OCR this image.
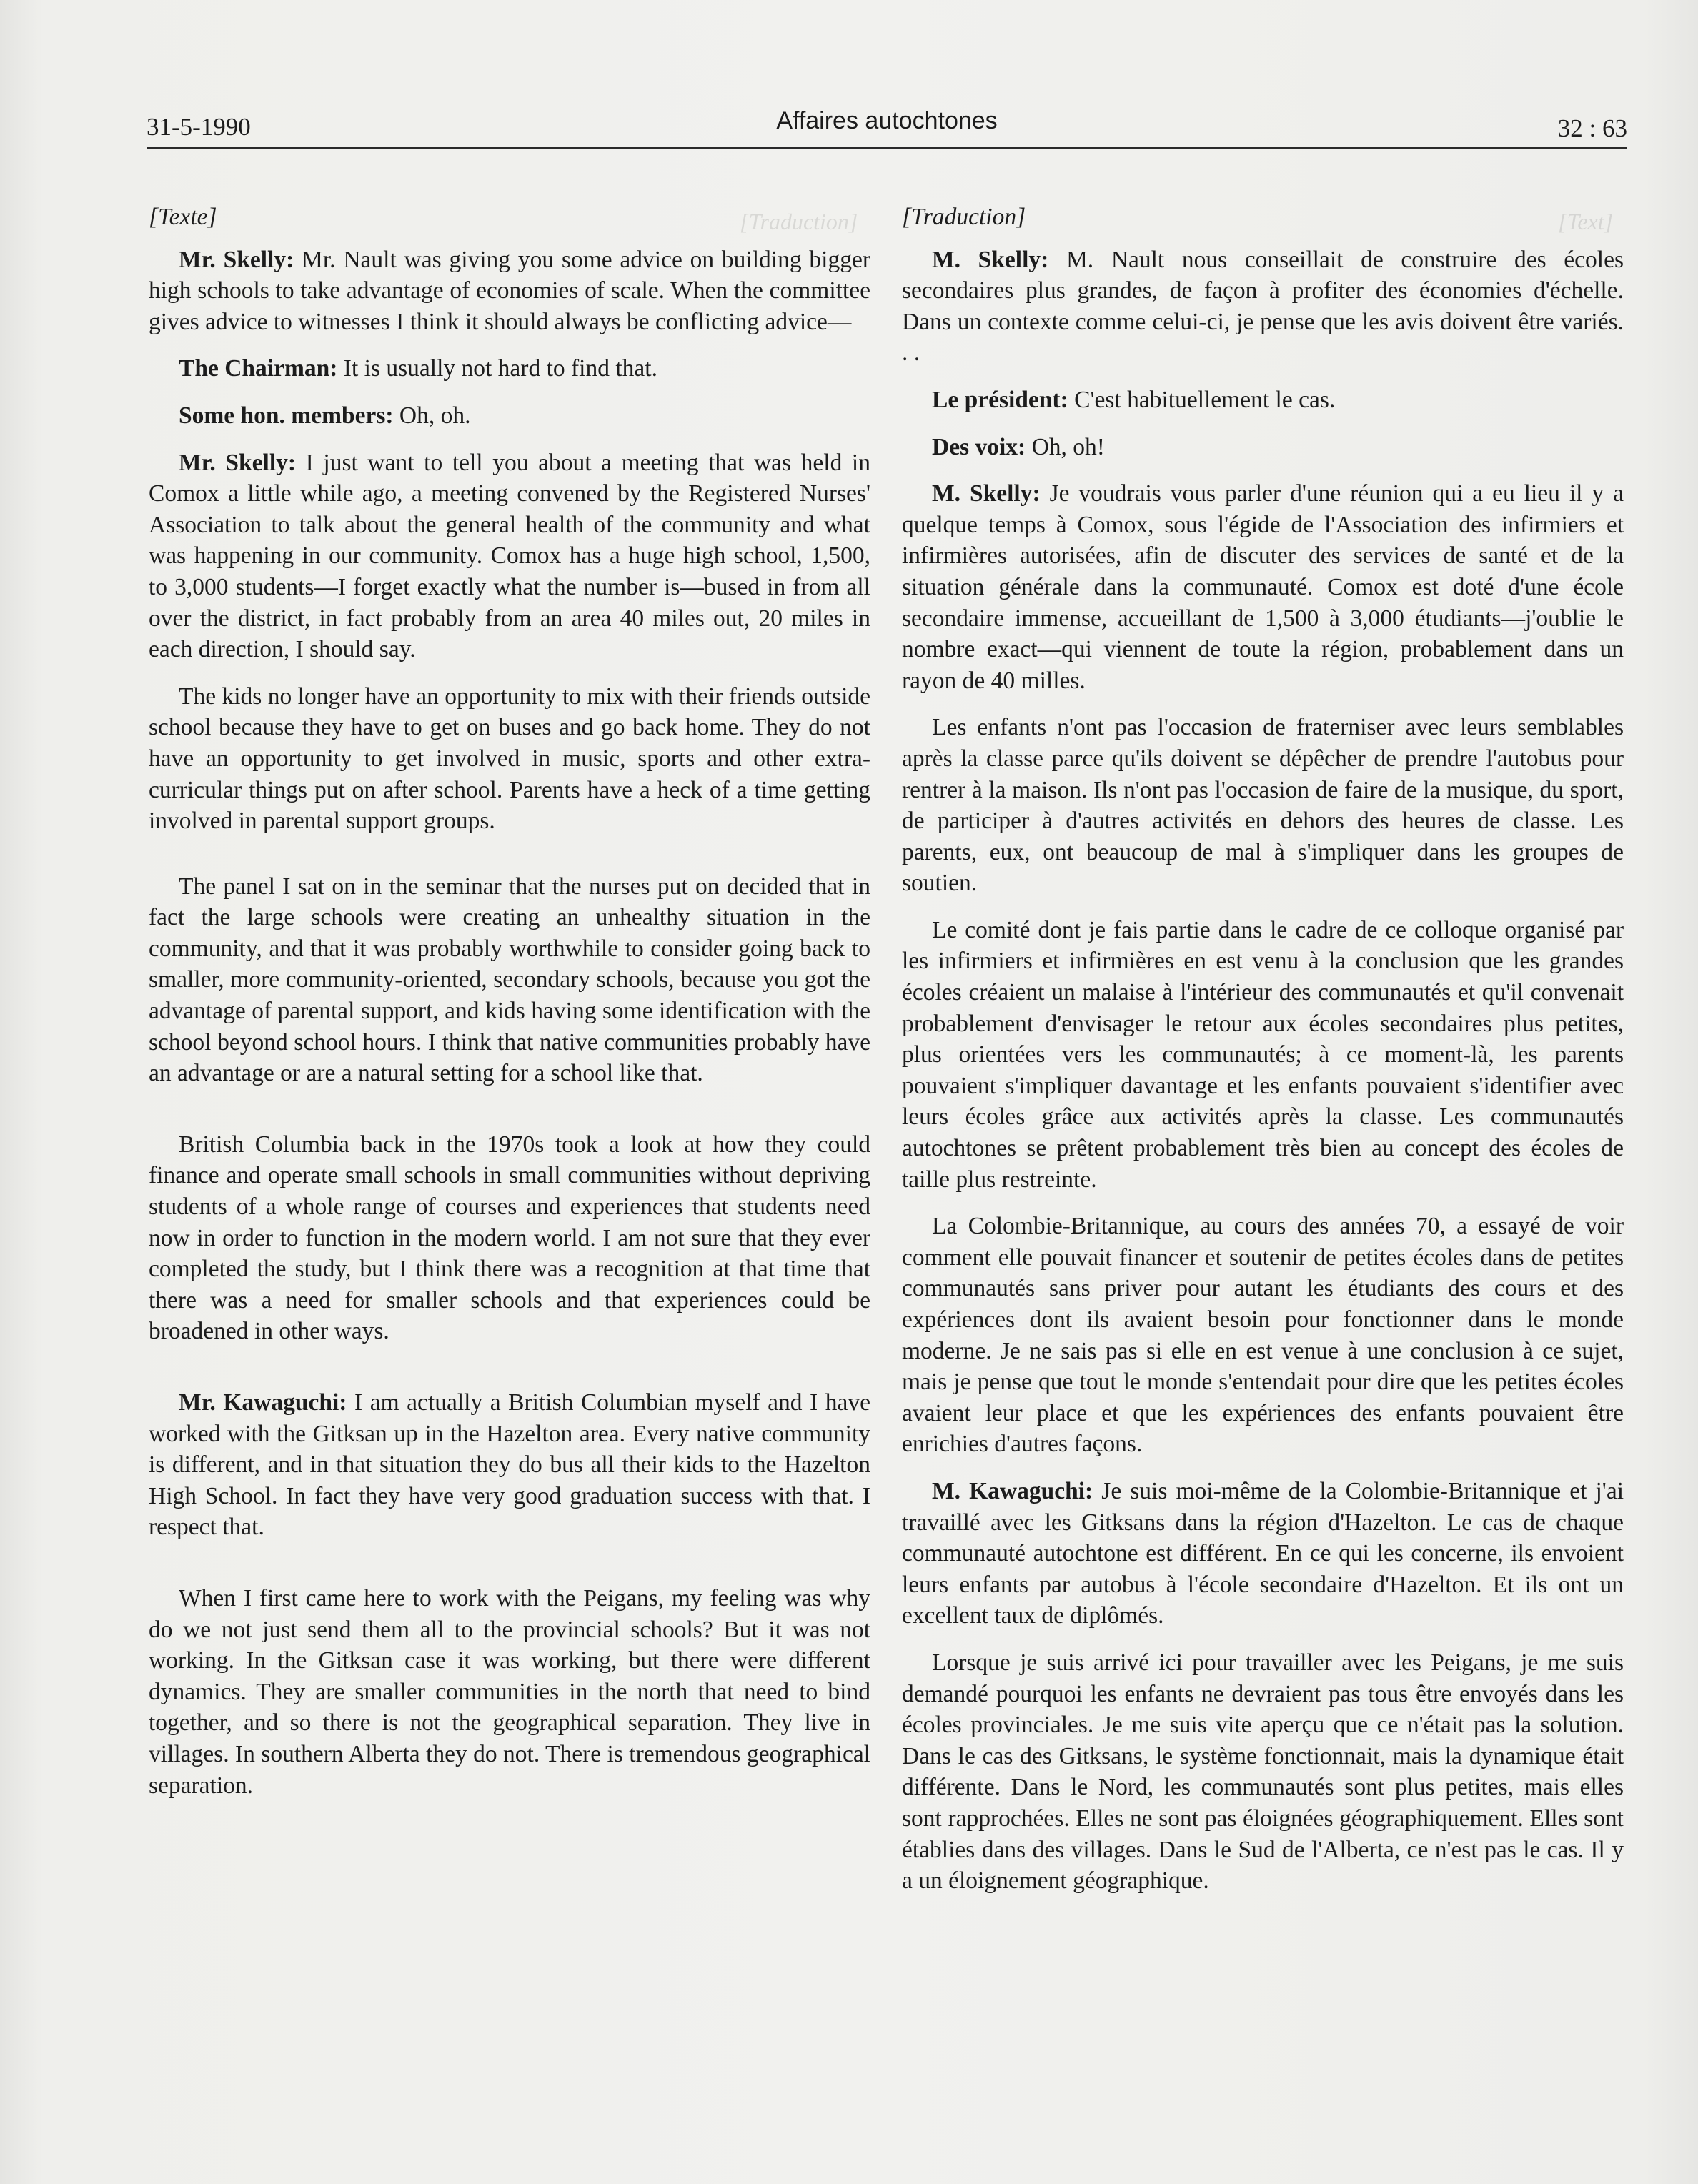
[Traduction]	[Text]
31-5-1990	Affaires autochtones	32 : 63

[Texte]

Mr. Skelly: Mr. Nault was giving you some advice on building bigger high schools to take advantage of economies of scale. When the committee gives advice to witnesses I think it should always be conflicting advice—

The Chairman: It is usually not hard to find that.

Some hon. members: Oh, oh.

Mr. Skelly: I just want to tell you about a meeting that was held in Comox a little while ago, a meeting convened by the Registered Nurses' Association to talk about the general health of the community and what was happening in our community. Comox has a huge high school, 1,500, to 3,000 students—I forget exactly what the number is—bused in from all over the district, in fact probably from an area 40 miles out, 20 miles in each direction, I should say.

The kids no longer have an opportunity to mix with their friends outside school because they have to get on buses and go back home. They do not have an opportunity to get involved in music, sports and other extra-curricular things put on after school. Parents have a heck of a time getting involved in parental support groups.

The panel I sat on in the seminar that the nurses put on decided that in fact the large schools were creating an unhealthy situation in the community, and that it was probably worthwhile to consider going back to smaller, more community-oriented, secondary schools, because you got the advantage of parental support, and kids having some identification with the school beyond school hours. I think that native communities probably have an advantage or are a natural setting for a school like that.

British Columbia back in the 1970s took a look at how they could finance and operate small schools in small communities without depriving students of a whole range of courses and experiences that students need now in order to function in the modern world. I am not sure that they ever completed the study, but I think there was a recognition at that time that there was a need for smaller schools and that experiences could be broadened in other ways.

Mr. Kawaguchi: I am actually a British Columbian myself and I have worked with the Gitksan up in the Hazelton area. Every native community is different, and in that situation they do bus all their kids to the Hazelton High School. In fact they have very good graduation success with that. I respect that.

When I first came here to work with the Peigans, my feeling was why do we not just send them all to the provincial schools? But it was not working. In the Gitksan case it was working, but there were different dynamics. They are smaller communities in the north that need to bind together, and so there is not the geographical separation. They live in villages. In southern Alberta they do not. There is tremendous geographical separation.

[Traduction]

M. Skelly: M. Nault nous conseillait de construire des écoles secondaires plus grandes, de façon à profiter des économies d'échelle. Dans un contexte comme celui-ci, je pense que les avis doivent être variés. . .

Le président: C'est habituellement le cas.

Des voix: Oh, oh!

M. Skelly: Je voudrais vous parler d'une réunion qui a eu lieu il y a quelque temps à Comox, sous l'égide de l'Association des infirmiers et infirmières autorisées, afin de discuter des services de santé et de la situation générale dans la communauté. Comox est doté d'une école secondaire immense, accueillant de 1,500 à 3,000 étudiants—j'oublie le nombre exact—qui viennent de toute la région, probablement dans un rayon de 40 milles.

Les enfants n'ont pas l'occasion de fraterniser avec leurs semblables après la classe parce qu'ils doivent se dépêcher de prendre l'autobus pour rentrer à la maison. Ils n'ont pas l'occasion de faire de la musique, du sport, de participer à d'autres activités en dehors des heures de classe. Les parents, eux, ont beaucoup de mal à s'impliquer dans les groupes de soutien.

Le comité dont je fais partie dans le cadre de ce colloque organisé par les infirmiers et infirmières en est venu à la conclusion que les grandes écoles créaient un malaise à l'intérieur des communautés et qu'il convenait probablement d'envisager le retour aux écoles secondaires plus petites, plus orientées vers les communautés; à ce moment-là, les parents pouvaient s'impliquer davantage et les enfants pouvaient s'identifier avec leurs écoles grâce aux activités après la classe. Les communautés autochtones se prêtent probablement très bien au concept des écoles de taille plus restreinte.

La Colombie-Britannique, au cours des années 70, a essayé de voir comment elle pouvait financer et soutenir de petites écoles dans de petites communautés sans priver pour autant les étudiants des cours et des expériences dont ils avaient besoin pour fonctionner dans le monde moderne. Je ne sais pas si elle en est venue à une conclusion à ce sujet, mais je pense que tout le monde s'entendait pour dire que les petites écoles avaient leur place et que les expériences des enfants pouvaient être enrichies d'autres façons.

M. Kawaguchi: Je suis moi-même de la Colombie-Britannique et j'ai travaillé avec les Gitksans dans la région d'Hazelton. Le cas de chaque communauté autochtone est différent. En ce qui les concerne, ils envoient leurs enfants par autobus à l'école secondaire d'Hazelton. Et ils ont un excellent taux de diplômés.

Lorsque je suis arrivé ici pour travailler avec les Peigans, je me suis demandé pourquoi les enfants ne devraient pas tous être envoyés dans les écoles provinciales. Je me suis vite aperçu que ce n'était pas la solution. Dans le cas des Gitksans, le système fonctionnait, mais la dynamique était différente. Dans le Nord, les communautés sont plus petites, mais elles sont rapprochées. Elles ne sont pas éloignées géographiquement. Elles sont établies dans des villages. Dans le Sud de l'Alberta, ce n'est pas le cas. Il y a un éloignement géographique.
